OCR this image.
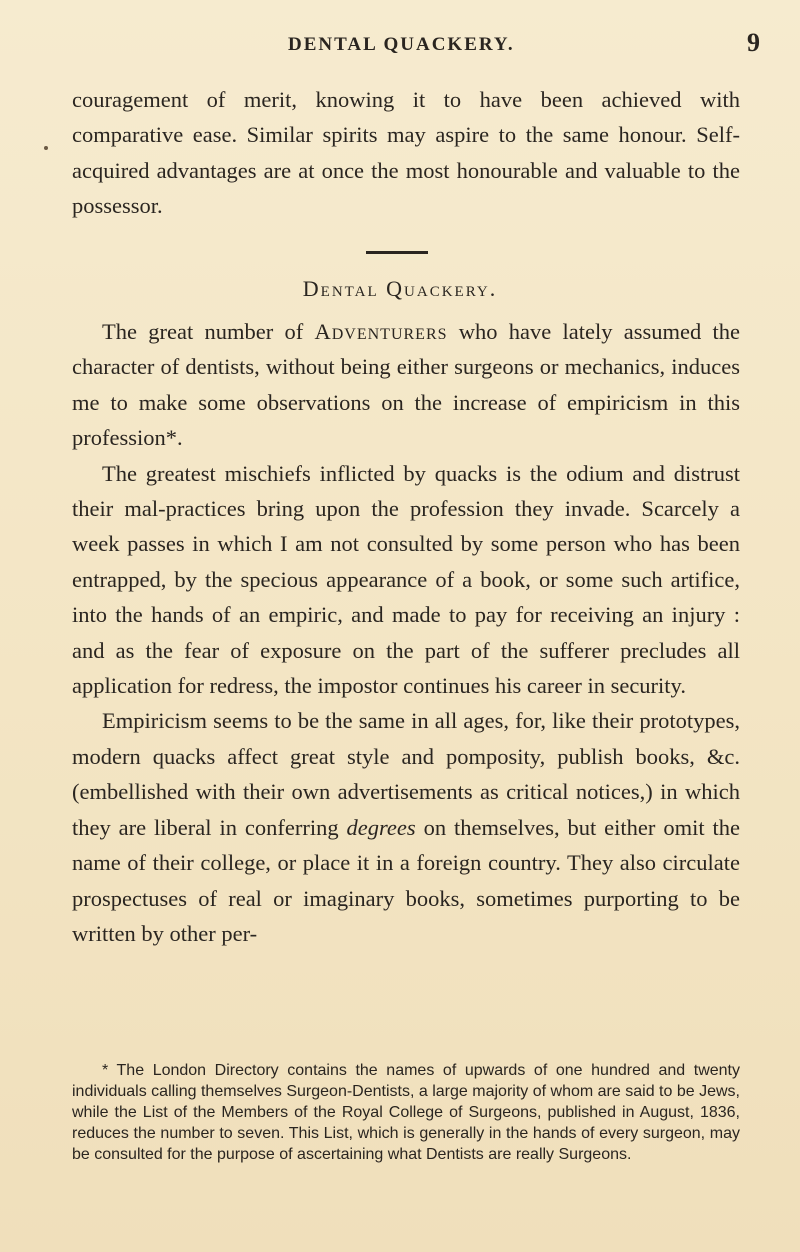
DENTAL QUACKERY.	9
couragement of merit, knowing it to have been achieved with comparative ease. Similar spirits may aspire to the same honour. Self-acquired advantages are at once the most honourable and valuable to the possessor.
Dental Quackery.

The great number of Adventurers who have lately assumed the character of dentists, without being either surgeons or mechanics, induces me to make some observations on the increase of empiricism in this profession*.

The greatest mischiefs inflicted by quacks is the odium and distrust their mal-practices bring upon the profession they invade. Scarcely a week passes in which I am not consulted by some person who has been entrapped, by the specious appearance of a book, or some such artifice, into the hands of an empiric, and made to pay for receiving an injury : and as the fear of exposure on the part of the sufferer precludes all application for redress, the impostor continues his career in security.

Empiricism seems to be the same in all ages, for, like their prototypes, modern quacks affect great style and pomposity, publish books, &c. (embellished with their own advertisements as critical notices,) in which they are liberal in conferring degrees on themselves, but either omit the name of their college, or place it in a foreign country. They also circulate prospectuses of real or imaginary books, sometimes purporting to be written by other per-

* The London Directory contains the names of upwards of one hundred and twenty individuals calling themselves Surgeon-Dentists, a large majority of whom are said to be Jews, while the List of the Members of the Royal College of Surgeons, published in August, 1836, reduces the number to seven. This List, which is generally in the hands of every surgeon, may be consulted for the purpose of ascertaining what Dentists are really Surgeons.
